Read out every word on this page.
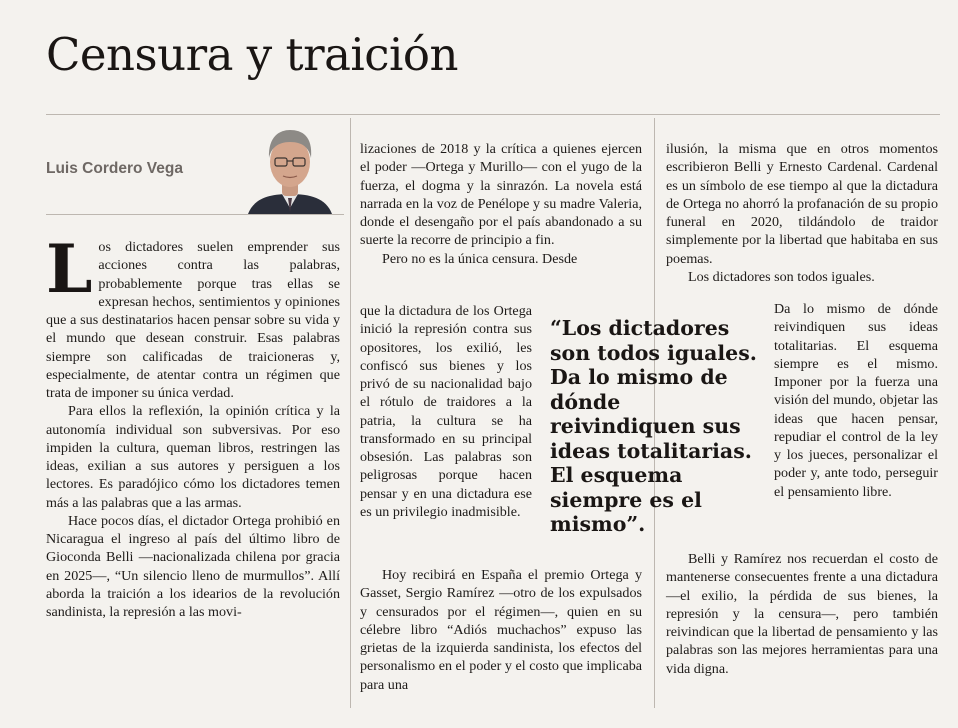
Censura y traición
Luis Cordero Vega

Los dictadores suelen emprender sus acciones contra las palabras, probablemente porque tras ellas se expresan hechos, sentimientos y opiniones que a sus destinatarios hacen pensar sobre su vida y el mundo que desean construir. Esas palabras siempre son calificadas de traicioneras y, especialmente, de atentar contra un régimen que trata de imponer su única verdad.

Para ellos la reflexión, la opinión crítica y la autonomía individual son subversivas. Por eso impiden la cultura, queman libros, restringen las ideas, exilian a sus autores y persiguen a los lectores. Es paradójico cómo los dictadores temen más a las palabras que a las armas.

Hace pocos días, el dictador Ortega prohibió en Nicaragua el ingreso al país del último libro de Gioconda Belli —nacionalizada chilena por gracia en 2025—, “Un silencio lleno de murmullos”. Allí aborda la traición a los idearios de la revolución sandinista, la represión a las movi-

lizaciones de 2018 y la crítica a quienes ejercen el poder —Ortega y Murillo— con el yugo de la fuerza, el dogma y la sinrazón. La novela está narrada en la voz de Penélope y su madre Valeria, donde el desengaño por el país abandonado a su suerte la recorre de principio a fin.

Pero no es la única censura. Desde

que la dictadura de los Ortega inició la represión contra sus opositores, los exilió, les confiscó sus bienes y los privó de su nacionalidad bajo el rótulo de traidores a la patria, la cultura se ha transformado en su principal obsesión. Las palabras son peligrosas porque hacen pensar y en una dictadura ese es un privilegio inadmisible.

Hoy recibirá en España el premio Ortega y Gasset, Sergio Ramírez —otro de los expulsados y censurados por el régimen—, quien en su célebre libro “Adiós muchachos” expuso las grietas de la izquierda sandinista, los efectos del personalismo en el poder y el costo que implicaba para una

“Los dictadores son todos iguales. Da lo mismo de dónde reivindiquen sus ideas totalitarias. El esquema siempre es el mismo”.

ilusión, la misma que en otros momentos escribieron Belli y Ernesto Cardenal. Cardenal es un símbolo de ese tiempo al que la dictadura de Ortega no ahorró la profanación de su propio funeral en 2020, tildándolo de traidor simplemente por la libertad que habitaba en sus poemas.

Los dictadores son todos iguales.

Da lo mismo de dónde reivindiquen sus ideas totalitarias. El esquema siempre es el mismo. Imponer por la fuerza una visión del mundo, objetar las ideas que hacen pensar, repudiar el control de la ley y los jueces, personalizar el poder y, ante todo, perseguir el pensamiento libre.

Belli y Ramírez nos recuerdan el costo de mantenerse consecuentes frente a una dictadura —el exilio, la pérdida de sus bienes, la represión y la censura—, pero también reivindican que la libertad de pensamiento y las palabras son las mejores herramientas para una vida digna.
